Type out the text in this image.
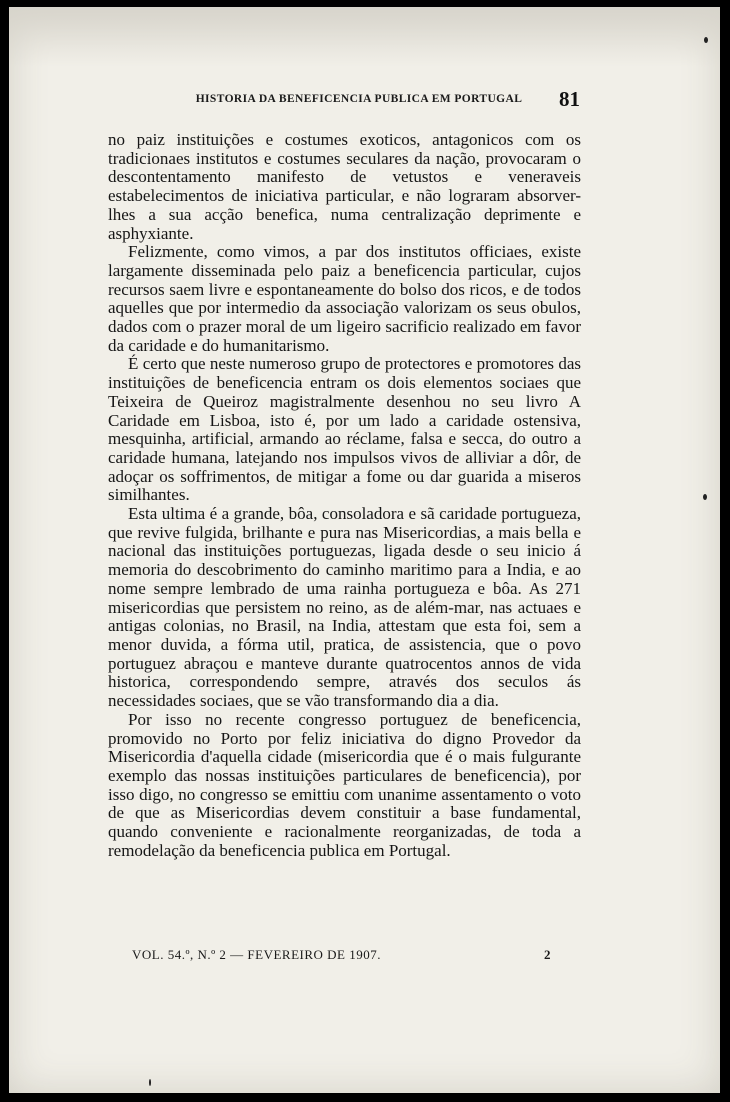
HISTORIA DA BENEFICENCIA PUBLICA EM PORTUGAL	81

no paiz instituições e costumes exoticos, antagonicos com os tradicionaes institutos e costumes seculares da nação, provocaram o descontentamento manifesto de vetustos e veneraveis estabelecimentos de iniciativa particular, e não lograram absorver-lhes a sua acção benefica, numa centralização deprimente e asphyxiante.

Felizmente, como vimos, a par dos institutos officiaes, existe largamente disseminada pelo paiz a beneficencia particular, cujos recursos saem livre e espontaneamente do bolso dos ricos, e de todos aquelles que por intermedio da associação valorizam os seus obulos, dados com o prazer moral de um ligeiro sacrificio realizado em favor da caridade e do humanitarismo.

É certo que neste numeroso grupo de protectores e promotores das instituições de beneficencia entram os dois elementos sociaes que Teixeira de Queiroz magistralmente desenhou no seu livro A Caridade em Lisboa, isto é, por um lado a caridade ostensiva, mesquinha, artificial, armando ao réclame, falsa e secca, do outro a caridade humana, latejando nos impulsos vivos de alliviar a dôr, de adoçar os soffrimentos, de mitigar a fome ou dar guarida a miseros similhantes.

Esta ultima é a grande, bôa, consoladora e sã caridade portugueza, que revive fulgida, brilhante e pura nas Misericordias, a mais bella e nacional das instituições portuguezas, ligada desde o seu inicio á memoria do descobrimento do caminho maritimo para a India, e ao nome sempre lembrado de uma rainha portugueza e bôa. As 271 misericordias que persistem no reino, as de além-mar, nas actuaes e antigas colonias, no Brasil, na India, attestam que esta foi, sem a menor duvida, a fórma util, pratica, de assistencia, que o povo portuguez abraçou e manteve durante quatrocentos annos de vida historica, correspondendo sempre, através dos seculos ás necessidades sociaes, que se vão transformando dia a dia.

Por isso no recente congresso portuguez de beneficencia, promovido no Porto por feliz iniciativa do digno Provedor da Misericordia d'aquella cidade (misericordia que é o mais fulgurante exemplo das nossas instituições particulares de beneficencia), por isso digo, no congresso se emittiu com unanime assentamento o voto de que as Misericordias devem constituir a base fundamental, quando conveniente e racionalmente reorganizadas, de toda a remodelação da beneficencia publica em Portugal.

VOL. 54.º, N.º 2 — FEVEREIRO DE 1907.	2
